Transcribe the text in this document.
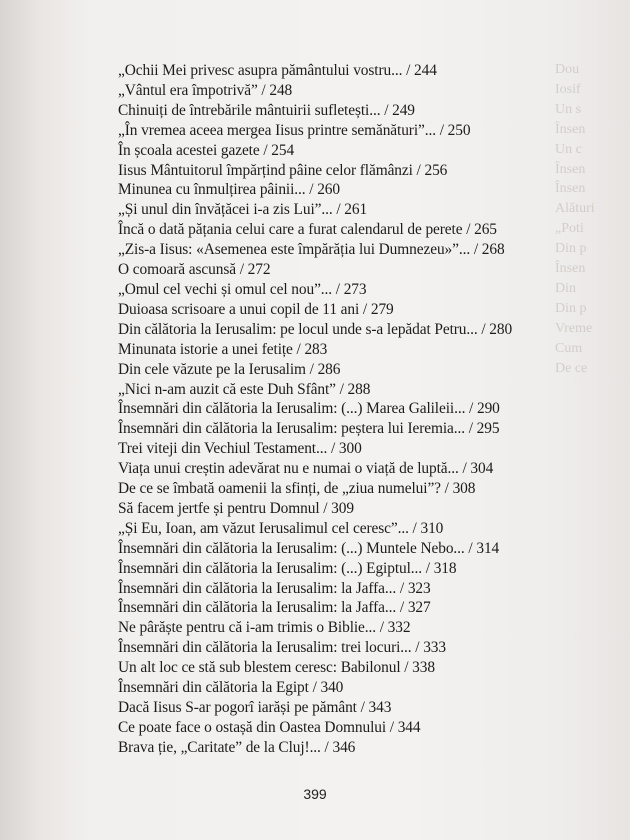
Dou
Iosif
Un s
Însen
Un c
Însen
Însen
Alături
„Poti
Din p
Însen
Din
Din p
Vreme
Cum
De ce
„Ochii Mei privesc asupra pământului vostru... / 244
„Vântul era împotrivă” / 248
Chinuiți de întrebările mântuirii sufletești... / 249
„În vremea aceea mergea Iisus printre semănături”... / 250
În școala acestei gazete / 254
Iisus Mântuitorul împărțind pâine celor flămânzi / 256
Minunea cu înmulțirea pâinii... / 260
„Și unul din învățăcei i-a zis Lui”... / 261
Încă o dată pățania celui care a furat calendarul de perete / 265
„Zis-a Iisus: «Asemenea este împărăția lui Dumnezeu»”... / 268
O comoară ascunsă / 272
„Omul cel vechi și omul cel nou”... / 273
Duioasa scrisoare a unui copil de 11 ani / 279
Din călătoria la Ierusalim: pe locul unde s-a lepădat Petru... / 280
Minunata istorie a unei fetițe / 283
Din cele văzute pe la Ierusalim / 286
„Nici n-am auzit că este Duh Sfânt” / 288
Însemnări din călătoria la Ierusalim: (...) Marea Galileii... / 290
Însemnări din călătoria la Ierusalim: peștera lui Ieremia... / 295
Trei viteji din Vechiul Testament... / 300
Viața unui creștin adevărat nu e numai o viață de luptă... / 304
De ce se îmbată oamenii la sfinți, de „ziua numelui”? / 308
Să facem jertfe și pentru Domnul / 309
„Și Eu, Ioan, am văzut Ierusalimul cel ceresc”... / 310
Însemnări din călătoria la Ierusalim: (...) Muntele Nebo... / 314
Însemnări din călătoria la Ierusalim: (...) Egiptul... / 318
Însemnări din călătoria la Ierusalim: la Jaffa... / 323
Însemnări din călătoria la Ierusalim: la Jaffa... / 327
Ne pârăște pentru că i-am trimis o Biblie... / 332
Însemnări din călătoria la Ierusalim: trei locuri... / 333
Un alt loc ce stă sub blestem ceresc: Babilonul / 338
Însemnări din călătoria la Egipt / 340
Dacă Iisus S-ar pogorî iarăși pe pământ / 343
Ce poate face o ostașă din Oastea Domnului / 344
Brava ție, „Caritate” de la Cluj!... / 346
399
